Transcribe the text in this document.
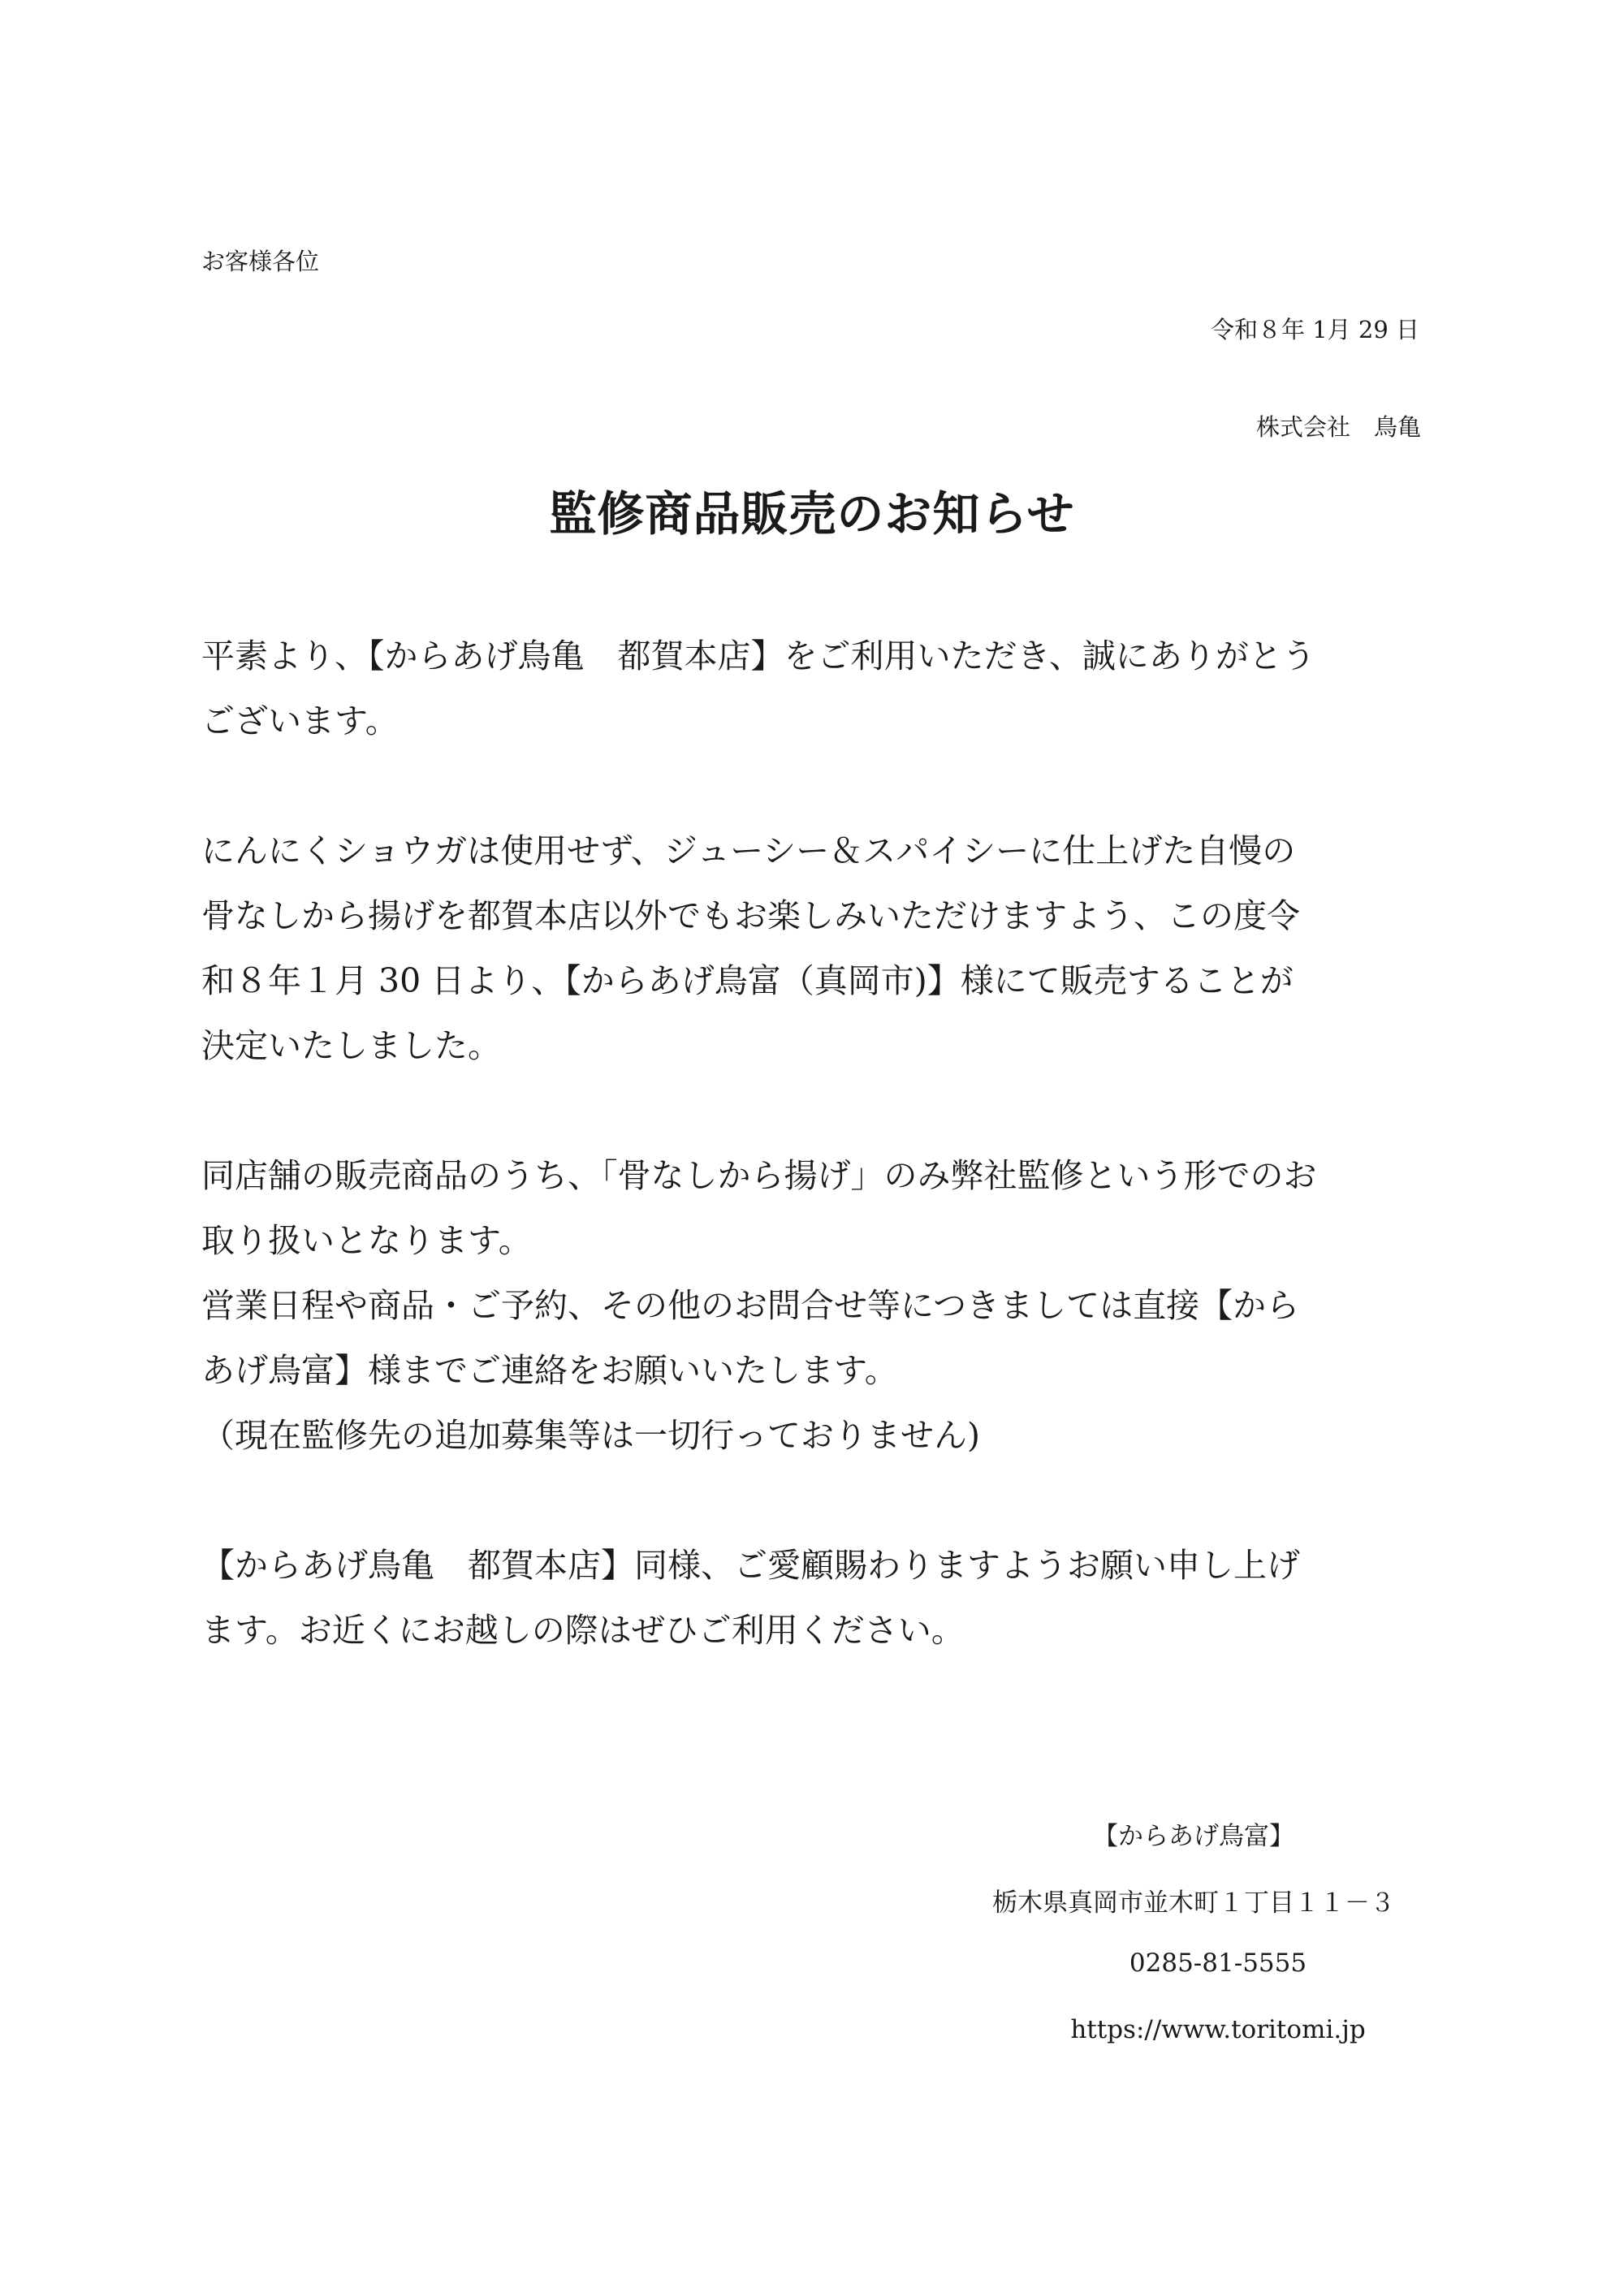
お客様各位
令和８年 1月 29 日
株式会社　鳥亀
監修商品販売のお知らせ

平素より、【からあげ鳥亀　都賀本店】をご利用いただき、誠にありがとう
ございます。

にんにくショウガは使用せず、ジューシー＆スパイシーに仕上げた自慢の
骨なしから揚げを都賀本店以外でもお楽しみいただけますよう、この度令
和８年１月 30 日より、【からあげ鳥富（真岡市)】様にて販売することが
決定いたしました。

同店舗の販売商品のうち、「骨なしから揚げ」のみ弊社監修という形でのお
取り扱いとなります。
営業日程や商品・ご予約、その他のお問合せ等につきましては直接【から
あげ鳥富】様までご連絡をお願いいたします。
（現在監修先の追加募集等は一切行っておりません)

【からあげ鳥亀　都賀本店】同様、ご愛顧賜わりますようお願い申し上げ
ます。お近くにお越しの際はぜひご利用ください。

【からあげ鳥富】
栃木県真岡市並木町１丁目１１－３
0285-81-5555
https://www.toritomi.jp
